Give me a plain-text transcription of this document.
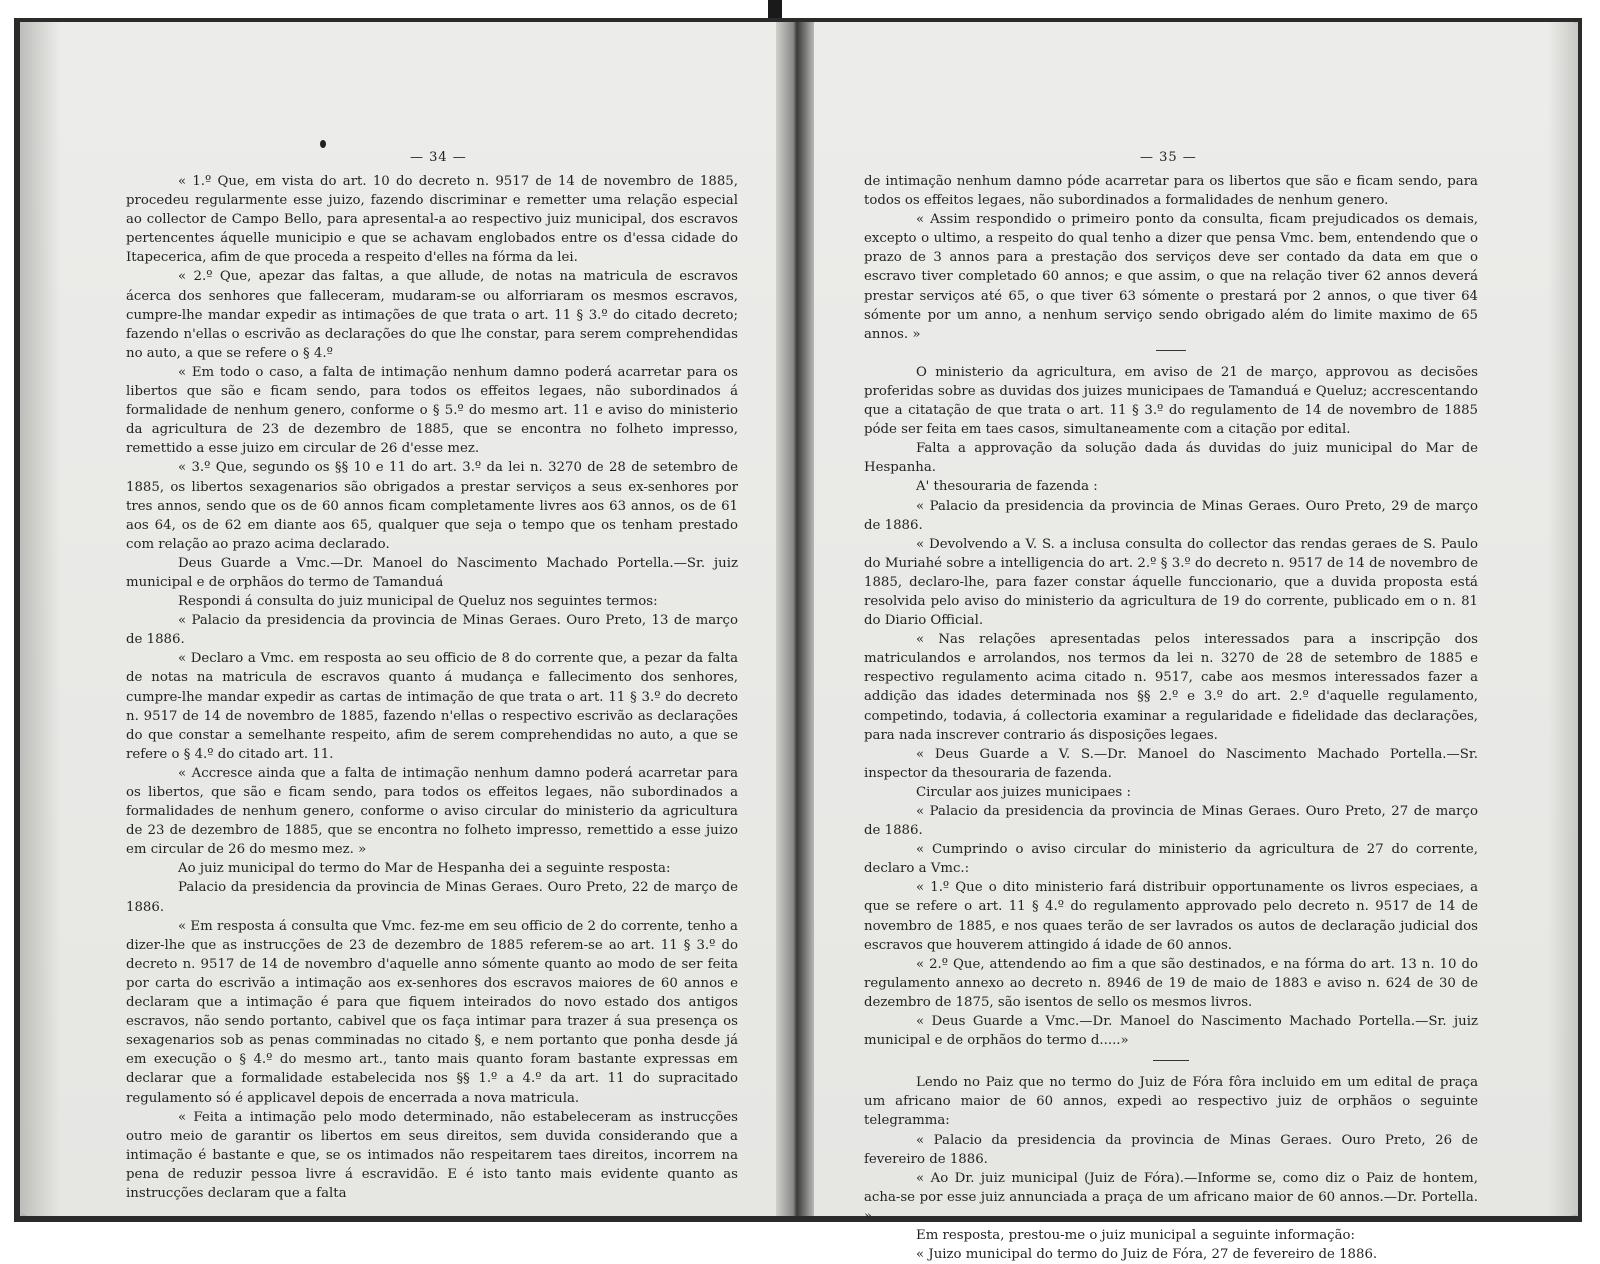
— 34 —

« 1.º Que, em vista do art. 10 do decreto n. 9517 de 14 de novembro de 1885, procedeu regularmente esse juizo, fazendo discriminar e remetter uma relação especial ao collector de Campo Bello, para apresental-a ao respectivo juiz municipal, dos escravos pertencentes áquelle municipio e que se achavam englobados entre os d'essa cidade do Itapecerica, afim de que proceda a respeito d'elles na fórma da lei.

« 2.º Que, apezar das faltas, a que allude, de notas na matricula de escravos ácerca dos senhores que falleceram, mudaram-se ou alforriaram os mesmos escravos, cumpre-lhe mandar expedir as intimações de que trata o art. 11 § 3.º do citado decreto; fazendo n'ellas o escrivão as declarações do que lhe constar, para serem comprehendidas no auto, a que se refere o § 4.º

« Em todo o caso, a falta de intimação nenhum damno poderá acarretar para os libertos que são e ficam sendo, para todos os effeitos legaes, não subordinados á formalidade de nenhum genero, conforme o § 5.º do mesmo art. 11 e aviso do ministerio da agricultura de 23 de dezembro de 1885, que se encontra no folheto impresso, remettido a esse juizo em circular de 26 d'esse mez.

« 3.º Que, segundo os §§ 10 e 11 do art. 3.º da lei n. 3270 de 28 de setembro de 1885, os libertos sexagenarios são obrigados a prestar serviços a seus ex-senhores por tres annos, sendo que os de 60 annos ficam completamente livres aos 63 annos, os de 61 aos 64, os de 62 em diante aos 65, qualquer que seja o tempo que os tenham prestado com relação ao prazo acima declarado.

Deus Guarde a Vmc.—Dr. Manoel do Nascimento Machado Portella.—Sr. juiz municipal e de orphãos do termo de Tamanduá

Respondi á consulta do juiz municipal de Queluz nos seguintes termos:

« Palacio da presidencia da provincia de Minas Geraes. Ouro Preto, 13 de março de 1886.

« Declaro a Vmc. em resposta ao seu officio de 8 do corrente que, a pezar da falta de notas na matricula de escravos quanto á mudança e fallecimento dos senhores, cumpre-lhe mandar expedir as cartas de intimação de que trata o art. 11 § 3.º do decreto n. 9517 de 14 de novembro de 1885, fazendo n'ellas o respectivo escrivão as declarações do que constar a semelhante respeito, afim de serem comprehendidas no auto, a que se refere o § 4.º do citado art. 11.

« Accresce ainda que a falta de intimação nenhum damno poderá acarretar para os libertos, que são e ficam sendo, para todos os effeitos legaes, não subordinados a formalidades de nenhum genero, conforme o aviso circular do ministerio da agricultura de 23 de dezembro de 1885, que se encontra no folheto impresso, remettido a esse juizo em circular de 26 do mesmo mez. »

Ao juiz municipal do termo do Mar de Hespanha dei a seguinte resposta:

Palacio da presidencia da provincia de Minas Geraes. Ouro Preto, 22 de março de 1886.

« Em resposta á consulta que Vmc. fez-me em seu officio de 2 do corrente, tenho a dizer-lhe que as instrucções de 23 de dezembro de 1885 referem-se ao art. 11 § 3.º do decreto n. 9517 de 14 de novembro d'aquelle anno sómente quanto ao modo de ser feita por carta do escrivão a intimação aos ex-senhores dos escravos maiores de 60 annos e declaram que a intimação é para que fiquem inteirados do novo estado dos antigos escravos, não sendo portanto, cabivel que os faça intimar para trazer á sua presença os sexagenarios sob as penas comminadas no citado §, e nem portanto que ponha desde já em execução o § 4.º do mesmo art., tanto mais quanto foram bastante expressas em declarar que a formalidade estabelecida nos §§ 1.º a 4.º da art. 11 do supracitado regulamento só é applicavel depois de encerrada a nova matricula.

« Feita a intimação pelo modo determinado, não estabeleceram as instrucções outro meio de garantir os libertos em seus direitos, sem duvida considerando que a intimação é bastante e que, se os intimados não respeitarem taes direitos, incorrem na pena de reduzir pessoa livre á escravidão. E é isto tanto mais evidente quanto as instrucções declaram que a falta

— 35 —

de intimação nenhum damno póde acarretar para os libertos que são e ficam sendo, para todos os effeitos legaes, não subordinados a formalidades de nenhum genero.

« Assim respondido o primeiro ponto da consulta, ficam prejudicados os demais, excepto o ultimo, a respeito do qual tenho a dizer que pensa Vmc. bem, entendendo que o prazo de 3 annos para a prestação dos serviços deve ser contado da data em que o escravo tiver completado 60 annos; e que assim, o que na relação tiver 62 annos deverá prestar serviços até 65, o que tiver 63 sómente o prestará por 2 annos, o que tiver 64 sómente por um anno, a nenhum serviço sendo obrigado além do limite maximo de 65 annos. »

O ministerio da agricultura, em aviso de 21 de março, approvou as decisões proferidas sobre as duvidas dos juizes municipaes de Tamanduá e Queluz; accrescentando que a citatação de que trata o art. 11 § 3.º do regulamento de 14 de novembro de 1885 póde ser feita em taes casos, simultaneamente com a citação por edital.

Falta a approvação da solução dada ás duvidas do juiz municipal do Mar de Hespanha.

A' thesouraria de fazenda :

« Palacio da presidencia da provincia de Minas Geraes. Ouro Preto, 29 de março de 1886.

« Devolvendo a V. S. a inclusa consulta do collector das rendas geraes de S. Paulo do Muriahé sobre a intelligencia do art. 2.º § 3.º do decreto n. 9517 de 14 de novembro de 1885, declaro-lhe, para fazer constar áquelle funccionario, que a duvida proposta está resolvida pelo aviso do ministerio da agricultura de 19 do corrente, publicado em o n. 81 do Diario Official.

« Nas relações apresentadas pelos interessados para a inscripção dos matriculandos e arrolandos, nos termos da lei n. 3270 de 28 de setembro de 1885 e respectivo regulamento acima citado n. 9517, cabe aos mesmos interessados fazer a addição das idades determinada nos §§ 2.º e 3.º do art. 2.º d'aquelle regulamento, competindo, todavia, á collectoria examinar a regularidade e fidelidade das declarações, para nada inscrever contrario ás disposições legaes.

« Deus Guarde a V. S.—Dr. Manoel do Nascimento Machado Portella.—Sr. inspector da thesouraria de fazenda.

Circular aos juizes municipaes :

« Palacio da presidencia da provincia de Minas Geraes. Ouro Preto, 27 de março de 1886.

« Cumprindo o aviso circular do ministerio da agricultura de 27 do corrente, declaro a Vmc.:

« 1.º Que o dito ministerio fará distribuir opportunamente os livros especiaes, a que se refere o art. 11 § 4.º do regulamento approvado pelo decreto n. 9517 de 14 de novembro de 1885, e nos quaes terão de ser lavrados os autos de declaração judicial dos escravos que houverem attingido á idade de 60 annos.

« 2.º Que, attendendo ao fim a que são destinados, e na fórma do art. 13 n. 10 do regulamento annexo ao decreto n. 8946 de 19 de maio de 1883 e aviso n. 624 de 30 de dezembro de 1875, são isentos de sello os mesmos livros.

« Deus Guarde a Vmc.—Dr. Manoel do Nascimento Machado Portella.—Sr. juiz municipal e de orphãos do termo d.....»

Lendo no Paiz que no termo do Juiz de Fóra fôra incluido em um edital de praça um africano maior de 60 annos, expedi ao respectivo juiz de orphãos o seguinte telegramma:

« Palacio da presidencia da provincia de Minas Geraes. Ouro Preto, 26 de fevereiro de 1886.

« Ao Dr. juiz municipal (Juiz de Fóra).—Informe se, como diz o Paiz de hontem, acha-se por esse juiz annunciada a praça de um africano maior de 60 annos.—Dr. Portella. »

Em resposta, prestou-me o juiz municipal a seguinte informação:

« Juizo municipal do termo do Juiz de Fóra, 27 de fevereiro de 1886.
